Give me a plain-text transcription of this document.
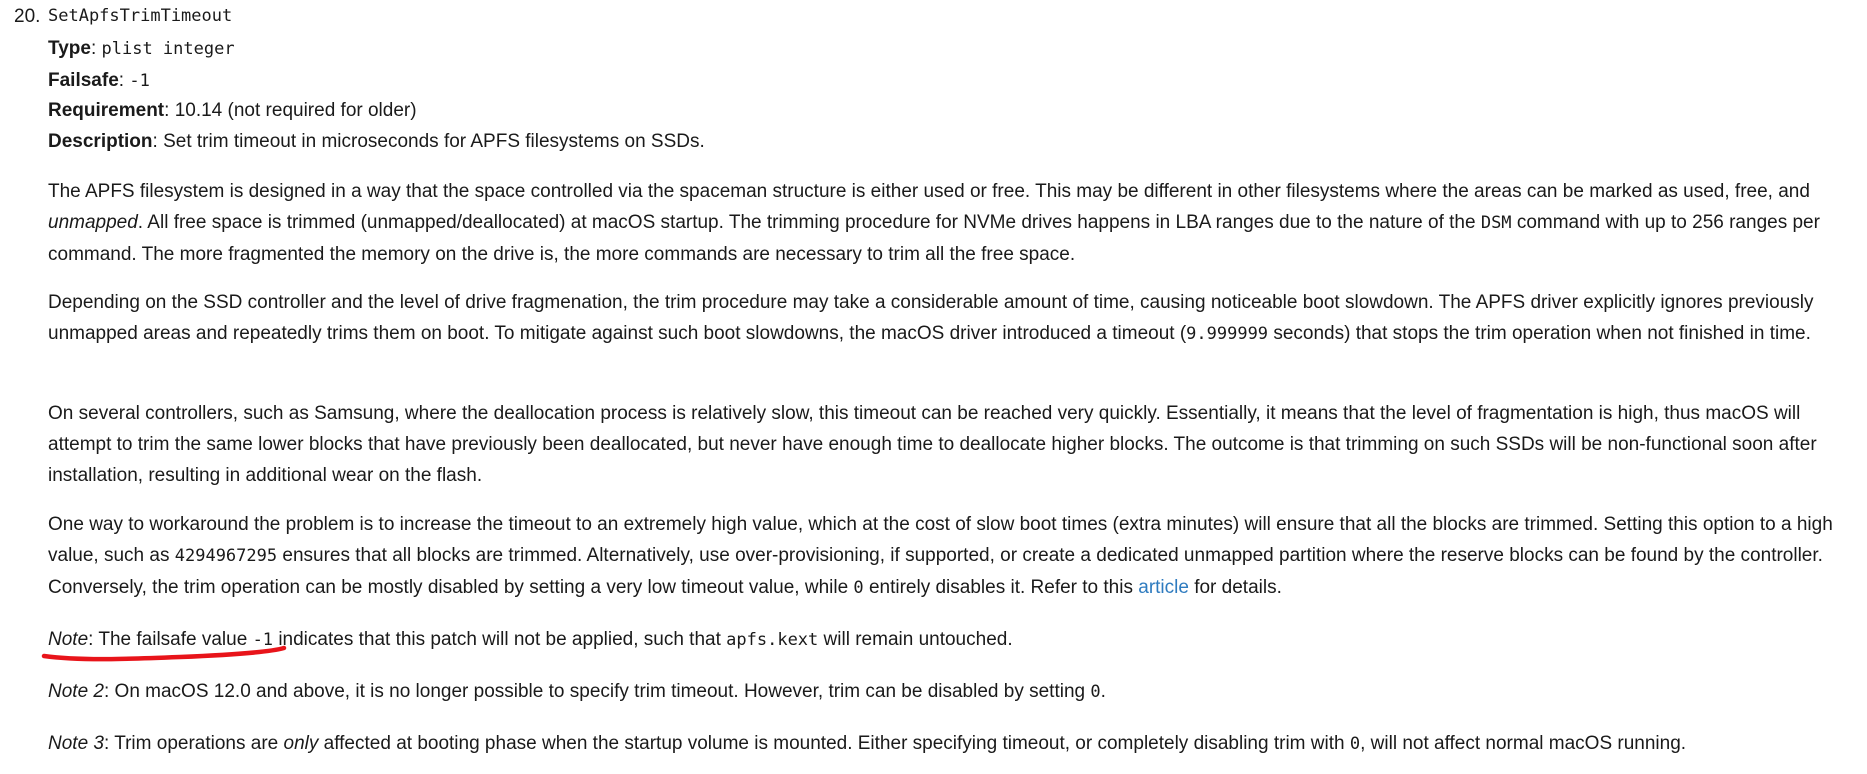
20. SetApfsTrimTimeout
Type: plist integer
Failsafe: -1
Requirement: 10.14 (not required for older)
Description: Set trim timeout in microseconds for APFS filesystems on SSDs.

The APFS filesystem is designed in a way that the space controlled via the spaceman structure is either used or free. This may be different in other filesystems where the areas can be marked as used, free, and unmapped. All free space is trimmed (unmapped/deallocated) at macOS startup. The trimming procedure for NVMe drives happens in LBA ranges due to the nature of the DSM command with up to 256 ranges per command. The more fragmented the memory on the drive is, the more commands are necessary to trim all the free space.

Depending on the SSD controller and the level of drive fragmenation, the trim procedure may take a considerable amount of time, causing noticeable boot slowdown. The APFS driver explicitly ignores previously unmapped areas and repeatedly trims them on boot. To mitigate against such boot slowdowns, the macOS driver introduced a timeout (9.999999 seconds) that stops the trim operation when not finished in time.

On several controllers, such as Samsung, where the deallocation process is relatively slow, this timeout can be reached very quickly. Essentially, it means that the level of fragmentation is high, thus macOS will attempt to trim the same lower blocks that have previously been deallocated, but never have enough time to deallocate higher blocks. The outcome is that trimming on such SSDs will be non-functional soon after installation, resulting in additional wear on the flash.

One way to workaround the problem is to increase the timeout to an extremely high value, which at the cost of slow boot times (extra minutes) will ensure that all the blocks are trimmed. Setting this option to a high value, such as 4294967295 ensures that all blocks are trimmed. Alternatively, use over-provisioning, if supported, or create a dedicated unmapped partition where the reserve blocks can be found by the controller. Conversely, the trim operation can be mostly disabled by setting a very low timeout value, while 0 entirely disables it. Refer to this article for details.

Note: The failsafe value -1 indicates that this patch will not be applied, such that apfs.kext will remain untouched.

Note 2: On macOS 12.0 and above, it is no longer possible to specify trim timeout. However, trim can be disabled by setting 0.

Note 3: Trim operations are only affected at booting phase when the startup volume is mounted. Either specifying timeout, or completely disabling trim with 0, will not affect normal macOS running.
